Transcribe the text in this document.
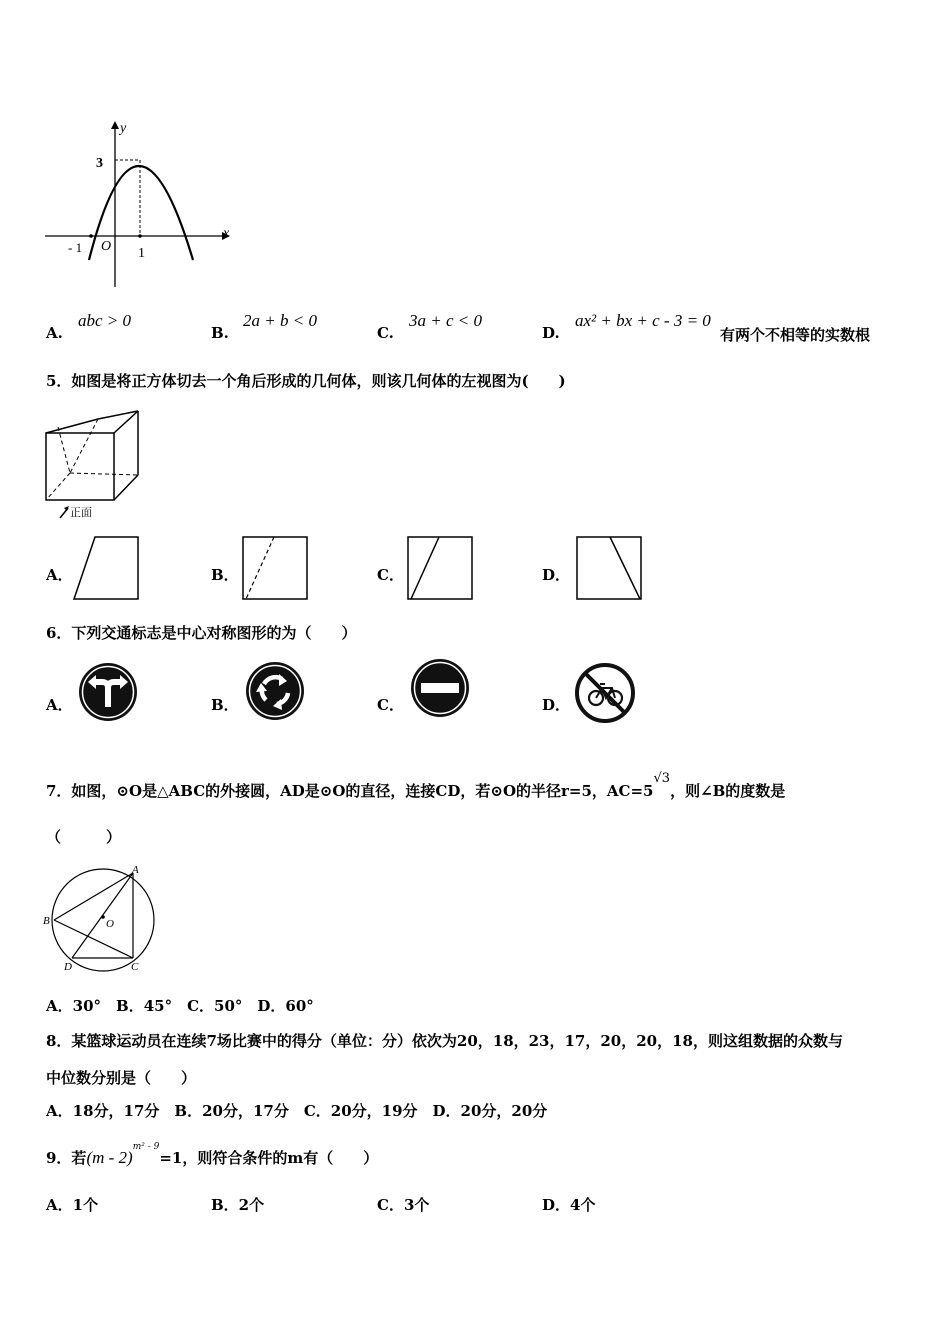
y
x
3
- 1 O 1
A.
abc > 0
B.
2a + b < 0
C.
3a + c < 0
D.
ax² + bx + c - 3 = 0
有两个不相等的实数根
5．如图是将正方体切去一个角后形成的几何体，则该几何体的左视图为(　　)
正面
A．	B．	C．	D．
6．下列交通标志是中心对称图形的为（　　）
A．	B．	C．	D．
7．如图，⊙O是△ABC的外接圆，AD是⊙O的直径，连接CD，若⊙O的半径r=5，AC=5√3，则∠B的度数是
（　　　）
A
B	O
D	C
A．30°　B．45°　C．50°　D．60°
8．某篮球运动员在连续7场比赛中的得分（单位：分）依次为20，18，23，17，20，20，18，则这组数据的众数与
中位数分别是（　　）
A．18分，17分　B．20分，17分　C．20分，19分　D．20分，20分
9．若(m - 2)$^{m^2 - 9}$=1，则符合条件的m有（　　）
A．1个	B．2个	C．3个	D．4个
